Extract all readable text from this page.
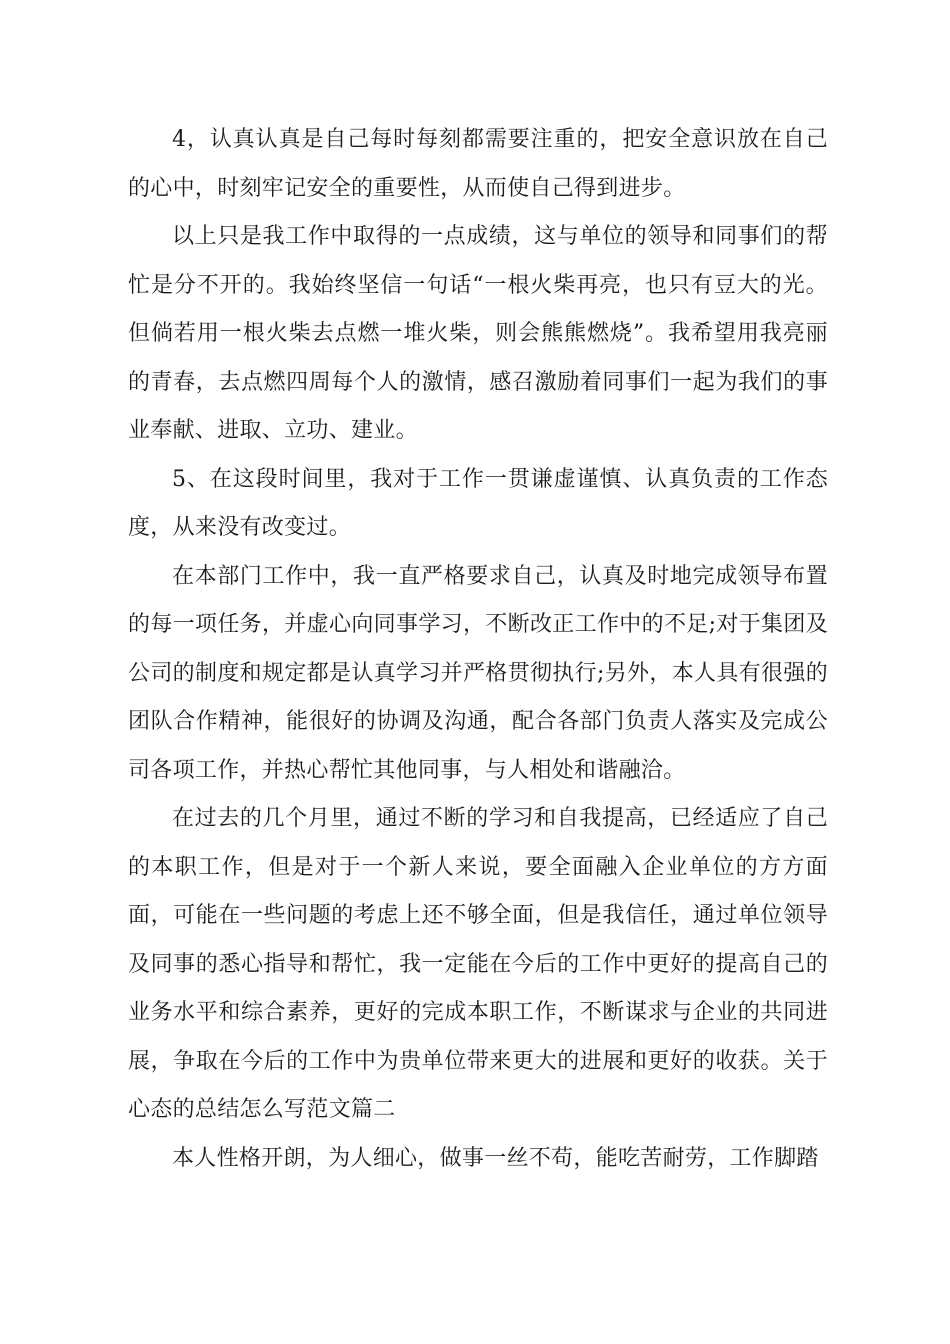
4，认真认真是自己每时每刻都需要注重的，把安全意识放在自己的心中，时刻牢记安全的重要性，从而使自己得到进步。

以上只是我工作中取得的一点成绩，这与单位的领导和同事们的帮忙是分不开的。我始终坚信一句话“一根火柴再亮，也只有豆大的光。但倘若用一根火柴去点燃一堆火柴，则会熊熊燃烧”。我希望用我亮丽的青春，去点燃四周每个人的激情，感召激励着同事们一起为我们的事业奉献、进取、立功、建业。

5、在这段时间里，我对于工作一贯谦虚谨慎、认真负责的工作态度，从来没有改变过。

在本部门工作中，我一直严格要求自己，认真及时地完成领导布置的每一项任务，并虚心向同事学习，不断改正工作中的不足;对于集团及公司的制度和规定都是认真学习并严格贯彻执行;另外，本人具有很强的团队合作精神，能很好的协调及沟通，配合各部门负责人落实及完成公司各项工作，并热心帮忙其他同事，与人相处和谐融洽。

在过去的几个月里，通过不断的学习和自我提高，已经适应了自己的本职工作，但是对于一个新人来说，要全面融入企业单位的方方面面，可能在一些问题的考虑上还不够全面，但是我信任，通过单位领导及同事的悉心指导和帮忙，我一定能在今后的工作中更好的提高自己的业务水平和综合素养，更好的完成本职工作，不断谋求与企业的共同进展，争取在今后的工作中为贵单位带来更大的进展和更好的收获。关于心态的总结怎么写范文篇二

本人性格开朗，为人细心，做事一丝不苟，能吃苦耐劳，工作脚踏
